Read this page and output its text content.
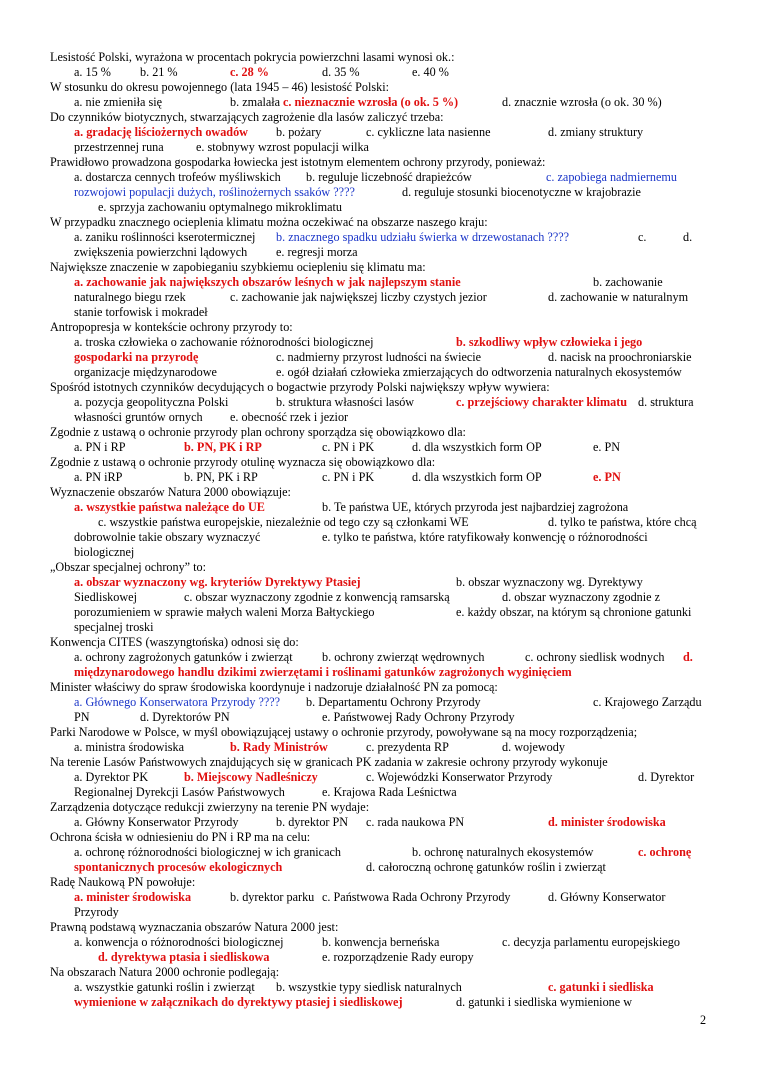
Lesistość Polski, wyrażona w procentach pokrycia powierzchni lasami wynosi ok.:
a. 15 % b. 21 %	c. 28 %	d. 35 %	e. 40 %
W stosunku do okresu powojennego (lata 1945 – 46) lesistość Polski:
a. nie zmieniła się	b. zmalała c. nieznacznie wzrosła (o ok. 5 %)	d. znacznie wzrosła (o ok. 30 %)
Do czynników biotycznych, stwarzających zagrożenie dla lasów zaliczyć trzeba:
a. gradację liściożernych owadów b. pożary	c. cykliczne lata nasienne	d. zmiany struktury
przestrzennej runa	e. stobnywy wzrost populacji wilka
Prawidłowo prowadzona gospodarka łowiecka jest istotnym elementem ochrony przyrody, ponieważ:
a. dostarcza cennych trofeów myśliwskich b. reguluje liczebność drapieżców	c. zapobiega nadmiernemu
rozwojowi populacji dużych, roślinożernych ssaków ????	d. reguluje stosunki biocenotyczne w krajobrazie
e. sprzyja zachowaniu optymalnego mikroklimatu
W przypadku znacznego ocieplenia klimatu można oczekiwać na obszarze naszego kraju:
a. zaniku roślinności kserotermicznej b. znacznego spadku udziału świerka w drzewostanach ????	c.	d.
zwiększenia powierzchni lądowych e. regresji morza
Największe znaczenie w zapobieganiu szybkiemu ociepleniu się klimatu ma:
a. zachowanie jak największych obszarów leśnych w jak najlepszym stanie	b. zachowanie
naturalnego biegu rzek	c. zachowanie jak największej liczby czystych jezior	d. zachowanie w naturalnym
stanie torfowisk i mokradeł
Antropopresja w kontekście ochrony przyrody to:
a. troska człowieka o zachowanie różnorodności biologicznej	b. szkodliwy wpływ człowieka i jego
gospodarki na przyrodę	c. nadmierny przyrost ludności na świecie	d. nacisk na proochroniarskie
organizacje międzynarodowe	e. ogół działań człowieka zmierzających do odtworzenia naturalnych ekosystemów
Spośród istotnych czynników decydujących o bogactwie przyrody Polski największy wpływ wywiera:
a. pozycja geopolityczna Polski	b. struktura własności lasów	c. przejściowy charakter klimatu d. struktura
własności gruntów ornych e. obecność rzek i jezior
Zgodnie z ustawą o ochronie przyrody plan ochrony sporządza się obowiązkowo dla:
a. PN i RP	b. PN, PK i RP	c. PN i PK	d. dla wszystkich form OP	e. PN
Zgodnie z ustawą o ochronie przyrody otulinę wyznacza się obowiązkowo dla:
a. PN iRP	b. PN, PK i RP	c. PN i PK	d. dla wszystkich form OP	e. PN
Wyznaczenie obszarów Natura 2000 obowiązuje:
a. wszystkie państwa należące do UE	b. Te państwa UE, których przyroda jest najbardziej zagrożona
c. wszystkie państwa europejskie, niezależnie od tego czy są członkami WE	d. tylko te państwa, które chcą
dobrowolnie takie obszary wyznaczyć	e. tylko te państwa, które ratyfikowały konwencję o różnorodności
biologicznej
„Obszar specjalnej ochrony” to:
a. obszar wyznaczony wg. kryteriów Dyrektywy Ptasiej	b. obszar wyznaczony wg. Dyrektywy
Siedliskowej	c. obszar wyznaczony zgodnie z konwencją ramsarską	d. obszar wyznaczony zgodnie z
porozumieniem w sprawie małych waleni Morza Bałtyckiego	e. każdy obszar, na którym są chronione gatunki
specjalnej troski
Konwencja CITES (waszyngtońska) odnosi się do:
a. ochrony zagrożonych gatunków i zwierząt b. ochrony zwierząt wędrownych	c. ochrony siedlisk wodnych d.
międzynarodowego handlu dzikimi zwierzętami i roślinami gatunków zagrożonych wyginięciem
Minister właściwy do spraw środowiska koordynuje i nadzoruje działalność PN za pomocą:
a. Głównego Konserwatora Przyrody ???? b. Departamentu Ochrony Przyrody	c. Krajowego Zarządu
PN	d. Dyrektorów PN	e. Państwowej Rady Ochrony Przyrody
Parki Narodowe w Polsce, w myśl obowiązującej ustawy o ochronie przyrody, powoływane są na mocy rozporządzenia;
a. ministra środowiska	b. Rady Ministrów	c. prezydenta RP	d. wojewody
Na terenie Lasów Państwowych znajdujących się w granicach PK zadania w zakresie ochrony przyrody wykonuje
a. Dyrektor PK	b. Miejscowy Nadleśniczy	c. Wojewódzki Konserwator Przyrody	d. Dyrektor
Regionalnej Dyrekcji Lasów Państwowych	e. Krajowa Rada Leśnictwa
Zarządzenia dotyczące redukcji zwierzyny na terenie PN wydaje:
a. Główny Konserwator Przyrody	b. dyrektor PN c. rada naukowa PN	d. minister środowiska
Ochrona ścisła w odniesieniu do PN i RP ma na celu:
a. ochronę różnorodności biologicznej w ich granicach	b. ochronę naturalnych ekosystemów	c. ochronę
spontanicznych procesów ekologicznych	d. całoroczną ochronę gatunków roślin i zwierząt
Radę Naukową PN powołuje:
a. minister środowiska	b. dyrektor parku c. Państwowa Rada Ochrony Przyrody	d. Główny Konserwator
Przyrody
Prawną podstawą wyznaczania obszarów Natura 2000 jest:
a. konwencja o różnorodności biologicznej	b. konwencja berneńska	c. decyzja parlamentu europejskiego
d. dyrektywa ptasia i siedliskowa	e. rozporządzenie Rady europy
Na obszarach Natura 2000 ochronie podlegają:
a. wszystkie gatunki roślin i zwierząt b. wszystkie typy siedlisk naturalnych	c. gatunki i siedliska
wymienione w załącznikach do dyrektywy ptasiej i siedliskowej	d. gatunki i siedliska wymienione w
2
